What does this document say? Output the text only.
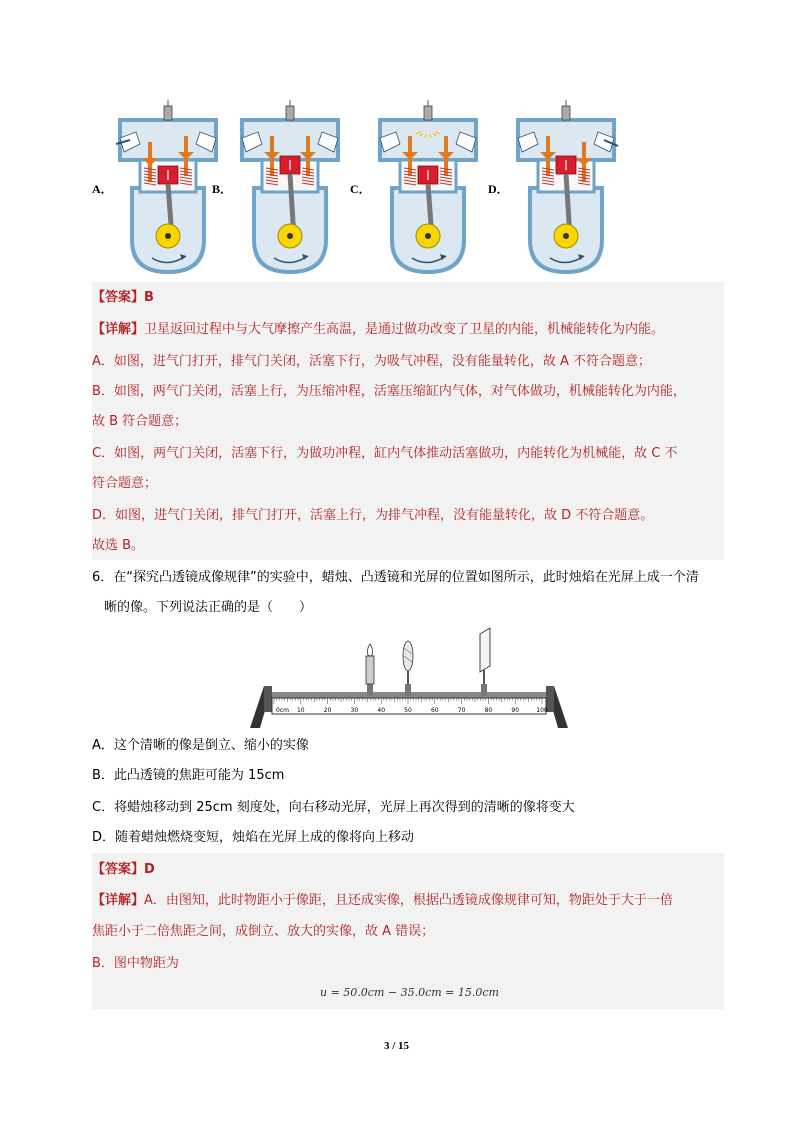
A．	B．	C．	D．
【答案】B
【详解】卫星返回过程中与大气摩擦产生高温，是通过做功改变了卫星的内能，机械能转化为内能。
A．如图，进气门打开，排气门关闭，活塞下行，为吸气冲程，没有能量转化，故 A 不符合题意；
B．如图，两气门关闭，活塞上行，为压缩冲程，活塞压缩缸内气体，对气体做功，机械能转化为内能，
故 B 符合题意；
C．如图，两气门关闭，活塞下行，为做功冲程，缸内气体推动活塞做功，内能转化为机械能，故 C 不
符合题意；
D．如图，进气门关闭，排气门打开，活塞上行，为排气冲程，没有能量转化，故 D 不符合题意。
故选 B。
6．在“探究凸透镜成像规律”的实验中，蜡烛、凸透镜和光屏的位置如图所示，此时烛焰在光屏上成一个清
晰的像。下列说法正确的是（　　）
0cm 10	20	30	40	50	60	70	80	90	100
A．这个清晰的像是倒立、缩小的实像
B．此凸透镜的焦距可能为 15cm
C．将蜡烛移动到 25cm 刻度处，向右移动光屏，光屏上再次得到的清晰的像将变大
D．随着蜡烛燃烧变短，烛焰在光屏上成的像将向上移动
【答案】D
【详解】A．由图知，此时物距小于像距，且还成实像，根据凸透镜成像规律可知，物距处于大于一倍
焦距小于二倍焦距之间，成倒立、放大的实像，故 A 错误；
B．图中物距为
u = 50.0cm − 35.0cm = 15.0cm
3 / 15
